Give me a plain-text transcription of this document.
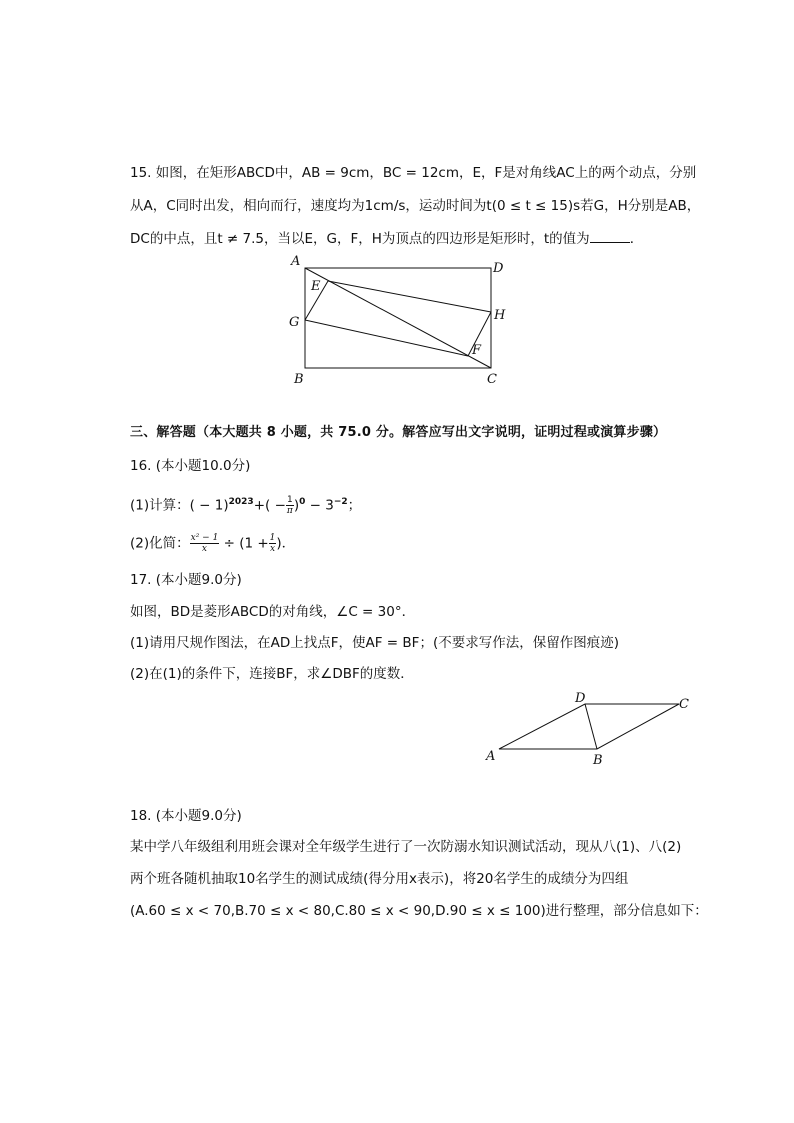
15. 如图，在矩形ABCD中，AB = 9cm，BC = 12cm，E，F是对角线AC上的两个动点，分别
从A，C同时出发，相向而行，速度均为1cm/s，运动时间为t(0 ≤ t ≤ 15)s若G，H分别是AB，
DC的中点，且t ≠ 7.5，当以E，G，F，H为顶点的四边形是矩形时，t的值为	．
A	D
E
G	H
F
B	C
三、解答题（本大题共 8 小题，共 75.0 分。解答应写出文字说明，证明过程或演算步骤）
16. (本小题10.0分)
(1)计算：( − $1)^{2023}+( - \frac{1}{\pi} )^0 - 3^{-2}$；
(2)化简： $\frac{\text{x² − 1}}{x} \div (1 + \frac{1}{x}$ )．
17. (本小题9.0分)
如图，BD是菱形ABCD的对角线，∠C = 30°．
(1)请用尺规作图法，在AD上找点F，使AF = BF；(不要求写作法，保留作图痕迹)
(2)在(1)的条件下，连接BF，求∠DBF的度数．
D	C
A	B
18. (本小题9.0分)
某中学八年级组利用班会课对全年级学生进行了一次防溺水知识测试活动，现从八(1)、八(2)
两个班各随机抽取10名学生的测试成绩(得分用x表示)，将20名学生的成绩分为四组
(A.60 ≤ x < 70,B.70 ≤ x < 80,C.80 ≤ x < 90,D.90 ≤ x ≤ 100)进行整理，部分信息如下：
